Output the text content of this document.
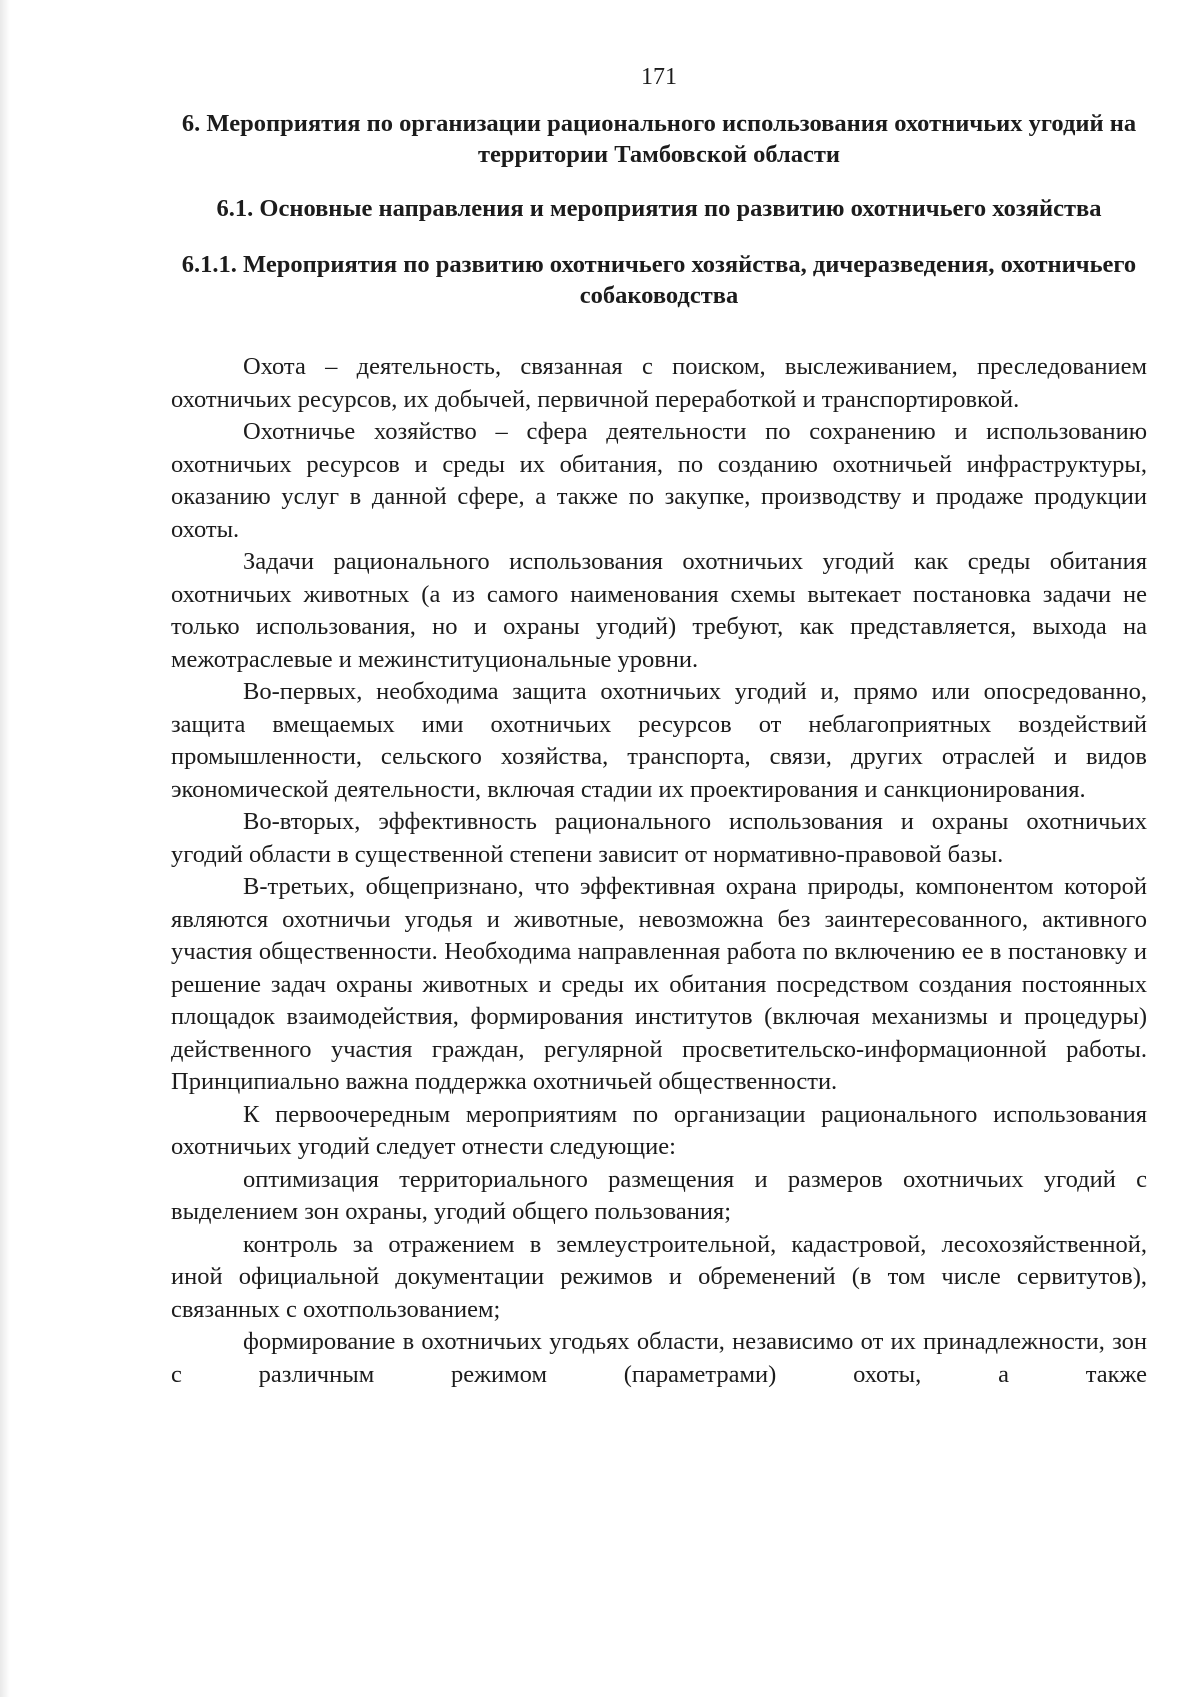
171
6. Мероприятия по организации рационального использования охотничьих угодий на территории Тамбовской области
6.1. Основные направления и мероприятия по развитию охотничьего хозяйства
6.1.1. Мероприятия по развитию охотничьего хозяйства, дичеразведения, охотничьего собаководства

Охота – деятельность, связанная с поиском, выслеживанием, преследованием охотничьих ресурсов, их добычей, первичной переработкой и транспортировкой.

Охотничье хозяйство – сфера деятельности по сохранению и использованию охотничьих ресурсов и среды их обитания, по созданию охотничьей инфраструктуры, оказанию услуг в данной сфере, а также по закупке, производству и продаже продукции охоты.

Задачи рационального использования охотничьих угодий как среды обитания охотничьих животных (а из самого наименования схемы вытекает постановка задачи не только использования, но и охраны угодий) требуют, как представляется, выхода на межотраслевые и межинституциональные уровни.

Во-первых, необходима защита охотничьих угодий и, прямо или опосредованно, защита вмещаемых ими охотничьих ресурсов от неблагоприятных воздействий промышленности, сельского хозяйства, транспорта, связи, других отраслей и видов экономической деятельности, включая стадии их проектирования и санкционирования.

Во-вторых, эффективность рационального использования и охраны охотничьих угодий области в существенной степени зависит от нормативно-правовой базы.

В-третьих, общепризнано, что эффективная охрана природы, компонентом которой являются охотничьи угодья и животные, невозможна без заинтересованного, активного участия общественности. Необходима направленная работа по включению ее в постановку и решение задач охраны животных и среды их обитания посредством создания постоянных площадок взаимодействия, формирования институтов (включая механизмы и процедуры) действенного участия граждан, регулярной просветительско-информационной работы. Принципиально важна поддержка охотничьей общественности.

К первоочередным мероприятиям по организации рационального использования охотничьих угодий следует отнести следующие:

оптимизация территориального размещения и размеров охотничьих угодий с выделением зон охраны, угодий общего пользования;

контроль за отражением в землеустроительной, кадастровой, лесохозяйственной, иной официальной документации режимов и обременений (в том числе сервитутов), связанных с охотпользованием;

формирование в охотничьих угодьях области, независимо от их принадлежности, зон с различным режимом (параметрами) охоты, а также
